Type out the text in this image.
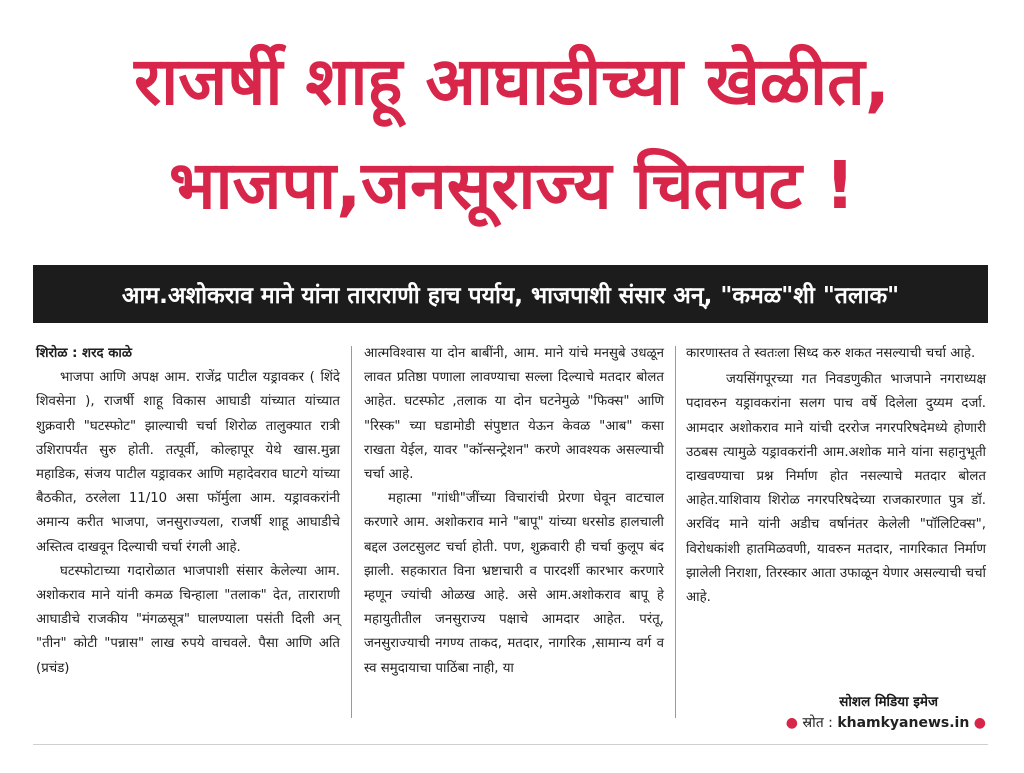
राजर्षी शाहू आघाडीच्या खेळीत,
भाजपा,जनसूराज्य चितपट !
आम.अशोकराव माने यांना ताराराणी हाच पर्याय, भाजपाशी संसार अन्, "कमळ"शी "तलाक"

शिरोळ : शरद काळे

भाजपा आणि अपक्ष आम. राजेंद्र पाटील यड्रावकर ( शिंदे शिवसेना ), राजर्षी शाहू विकास आघाडी यांच्यात यांच्यात शुक्रवारी "घटस्फोट" झाल्याची चर्चा शिरोळ तालुक्यात रात्री उशिरापर्यंत सुरु होती. तत्पूर्वी, कोल्हापूर येथे खास.मुन्ना महाडिक, संजय पाटील यड्रावकर आणि महादेवराव घाटगे यांच्या बैठकीत, ठरलेला 11/10 असा फॉर्मुला आम. यड्रावकरांनी अमान्य करीत भाजपा, जनसुराज्यला, राजर्षी शाहू आघाडीचे अस्तित्व दाखवून दिल्याची चर्चा रंगली आहे.

घटस्फोटाच्या गदारोळात भाजपाशी संसार केलेल्या आम. अशोकराव माने यांनी कमळ चिन्हाला "तलाक" देत, ताराराणी आघाडीचे राजकीय "मंगळसूत्र" घालण्याला पसंती दिली अन् "तीन" कोटी "पन्नास" लाख रुपये वाचवले. पैसा आणि अति (प्रचंड)

आत्मविश्वास या दोन बाबींनी, आम. माने यांचे मनसुबे उधळून लावत प्रतिष्ठा पणाला लावण्याचा सल्ला दिल्याचे मतदार बोलत आहेत. घटस्फोट ,तलाक या दोन घटनेमुळे "फिक्स" आणि "रिस्क" च्या घडामोडी संपुष्टात येऊन केवळ "आब" कसा राखता येईल, यावर "कॉन्सन्ट्रेशन" करणे आवश्यक असल्याची चर्चा आहे.

महात्मा "गांधी"जींच्या विचारांची प्रेरणा घेवून वाटचाल करणारे आम. अशोकराव माने "बापू" यांच्या धरसोड हालचाली बद्दल उलटसुलट चर्चा होती. पण, शुक्रवारी ही चर्चा कुलूप बंद झाली. सहकारात विना भ्रष्टाचारी व पारदर्शी कारभार करणारे म्हणून ज्यांची ओळख आहे. असे आम.अशोकराव बापू हे महायुतीतील जनसुराज्य पक्षाचे आमदार आहेत. परंतू, जनसुराज्याची नगण्य ताकद, मतदार, नागरिक ,सामान्य वर्ग व स्व समुदायाचा पाठिंबा नाही, या

कारणास्तव ते स्वतःला सिध्द करु शकत नसल्याची चर्चा आहे.

जयसिंगपूरच्या गत निवडणुकीत भाजपाने नगराध्यक्ष पदावरुन यड्रावकरांना सलग पाच वर्षे दिलेला दुय्यम दर्जा. आमदार अशोकराव माने यांची दररोज नगरपरिषदेमध्ये होणारी उठबस त्यामुळे यड्रावकरांनी आम.अशोक माने यांना सहानुभूती दाखवण्याचा प्रश्न निर्माण होत नसल्याचे मतदार बोलत आहेत.याशिवाय शिरोळ नगरपरिषदेच्या राजकारणात पुत्र डॉ. अरविंद माने यांनी अडीच वर्षानंतर केलेली "पॉलिटिक्स", विरोधकांशी हातमिळवणी, यावरुन मतदार, नागरिकात निर्माण झालेली निराशा, तिरस्कार आता उफाळून येणार असल्याची चर्चा आहे.

सोशल मिडिया इमेज
● स्रोत : khamkyanews.in ●
